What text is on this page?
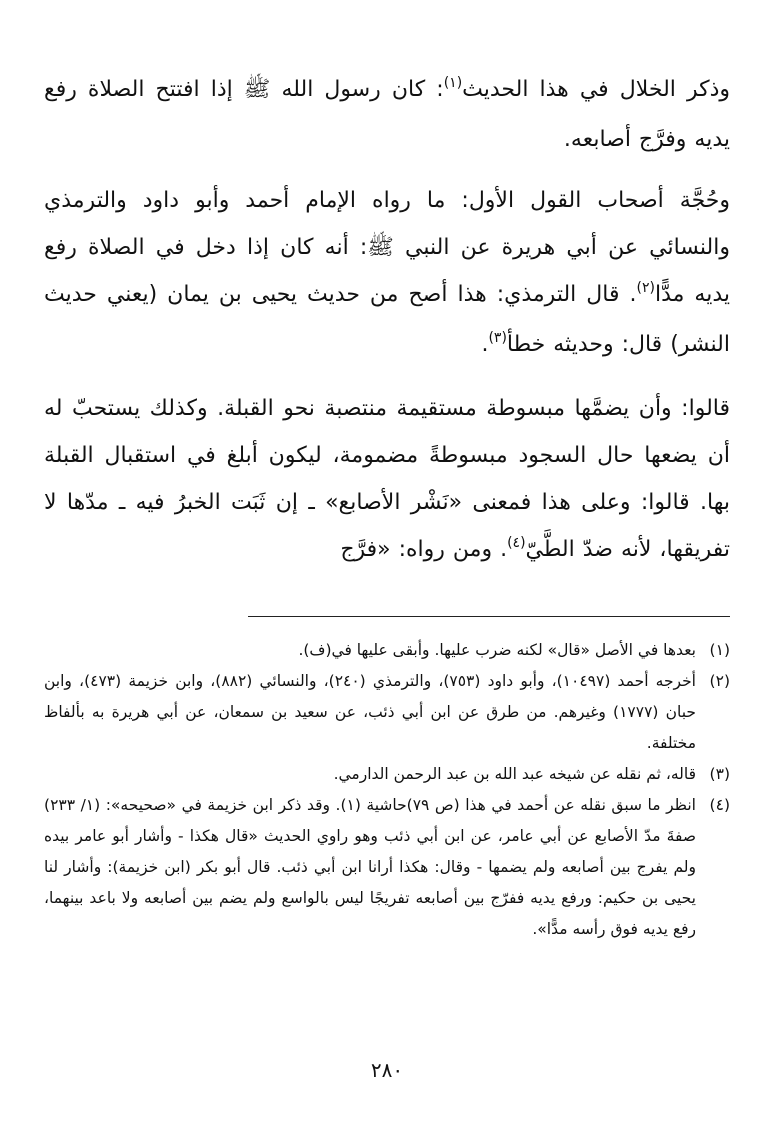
وذكر الخلال في هذا الحديث$^{(١)}$: كان رسول الله ﷺ إذا افتتح الصلاة رفع يديه وفرَّج أصابعه.

وحُجَّة أصحاب القول الأول: ما رواه الإمام أحمد وأبو داود والترمذي والنسائي عن أبي هريرة عن النبي ﷺ: أنه كان إذا دخل في الصلاة رفع يديه مدًّا$^{(٢)}$. قال الترمذي: هذا أصح من حديث يحيى بن يمان (يعني حديث النشر) قال: وحديثه خطأ$^{(٣)}$.

قالوا: وأن يضمَّها مبسوطة مستقيمة منتصبة نحو القبلة. وكذلك يستحبّ له أن يضعها حال السجود مبسوطةً مضمومة، ليكون أبلغ في استقبال القبلة بها. قالوا: وعلى هذا فمعنى «نَشْر الأصابع» ـ إن ثَبَت الخبرُ فيه ـ مدّها لا تفريقها، لأنه ضدّ الطَّيّ$^{(٤)}$. ومن رواه: «فرَّج

(١)
بعدها في الأصل «قال» لكنه ضرب عليها. وأبقى عليها في(ف).
(٢)
أخرجه أحمد (١٠٤٩٧)، وأبو داود (٧٥٣)، والترمذي (٢٤٠)، والنسائي (٨٨٢)، وابن خزيمة (٤٧٣)، وابن حبان (١٧٧٧) وغيرهم. من طرق عن ابن أبي ذئب، عن سعيد بن سمعان، عن أبي هريرة به بألفاظ مختلفة.
(٣)
قاله، ثم نقله عن شيخه عبد الله بن عبد الرحمن الدارمي.
(٤)
انظر ما سبق نقله عن أحمد في هذا (ص ٧٩)حاشية (١). وقد ذكر ابن خزيمة في «صحيحه»: (١/ ٢٣٣) صفةَ مدّ الأصابع عن أبي عامر، عن ابن أبي ذئب وهو راوي الحديث «قال هكذا - وأشار أبو عامر بيده ولم يفرج بين أصابعه ولم يضمها - وقال: هكذا أرانا ابن أبي ذئب. قال أبو بكر (ابن خزيمة): وأشار لنا يحيى بن حكيم: ورفع يديه ففرّج بين أصابعه تفريجًا ليس بالواسع ولم يضم بين أصابعه ولا باعد بينهما، رفع يديه فوق رأسه مدًّا».
٢٨٠
